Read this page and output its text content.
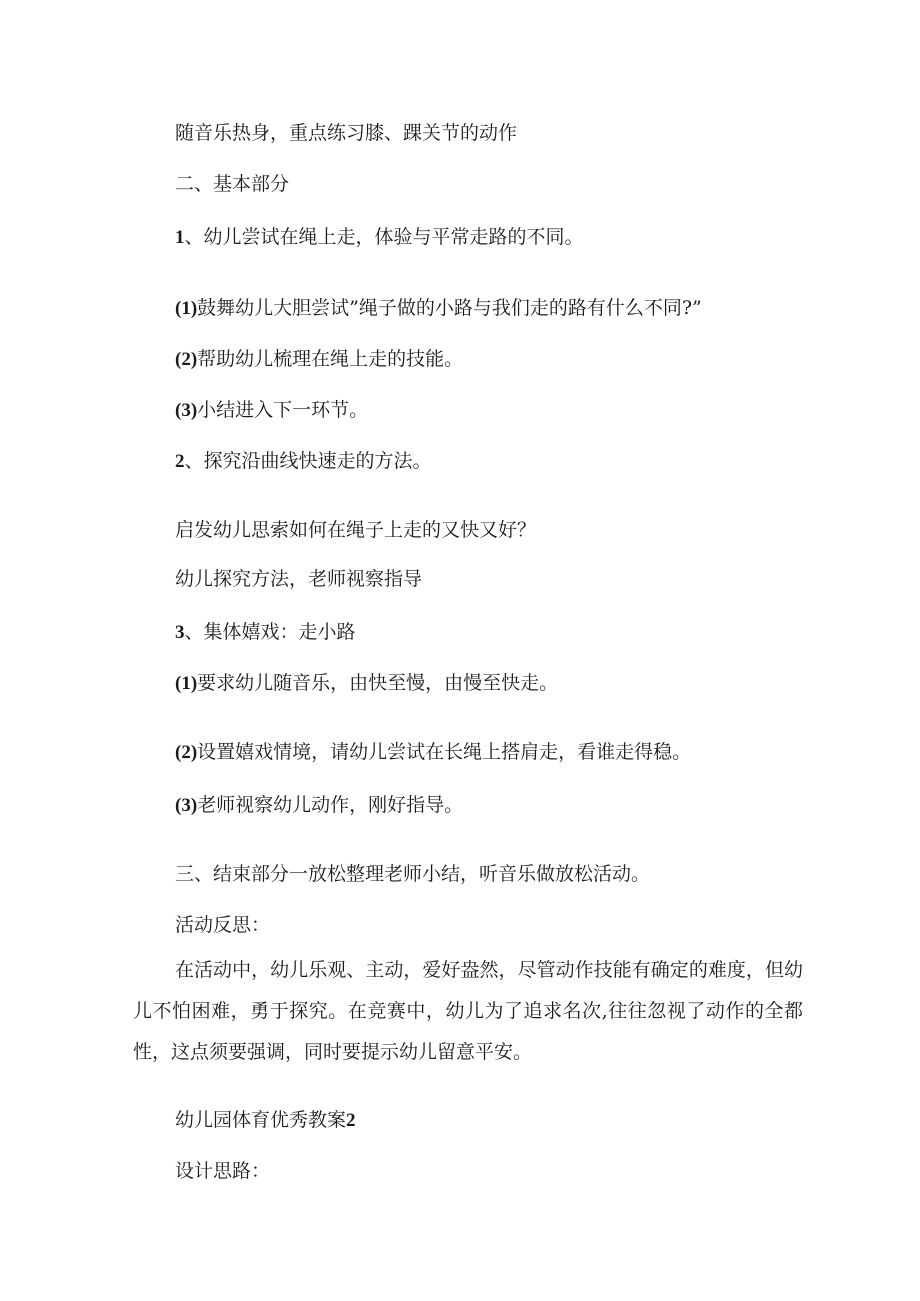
随音乐热身，重点练习膝、踝关节的动作
二、基本部分
1、幼儿尝试在绳上走，体验与平常走路的不同。
(1)鼓舞幼儿大胆尝试”绳子做的小路与我们走的路有什么不同?”
(2)帮助幼儿梳理在绳上走的技能。
(3)小结进入下一环节。
2、探究沿曲线快速走的方法。
启发幼儿思索如何在绳子上走的又快又好？
幼儿探究方法，老师视察指导
3、集体嬉戏：走小路
(1)要求幼儿随音乐，由快至慢，由慢至快走。
(2)设置嬉戏情境，请幼儿尝试在长绳上搭肩走，看谁走得稳。
(3)老师视察幼儿动作，刚好指导。
三、结束部分一放松整理老师小结，听音乐做放松活动。
活动反思：
在活动中，幼儿乐观、主动，爱好盎然，尽管动作技能有确定的难度，但幼儿不怕困难，勇于探究。在竞赛中，幼儿为了追求名次,往往忽视了动作的全都性，这点须要强调，同时要提示幼儿留意平安。
幼儿园体育优秀教案2
设计思路：
